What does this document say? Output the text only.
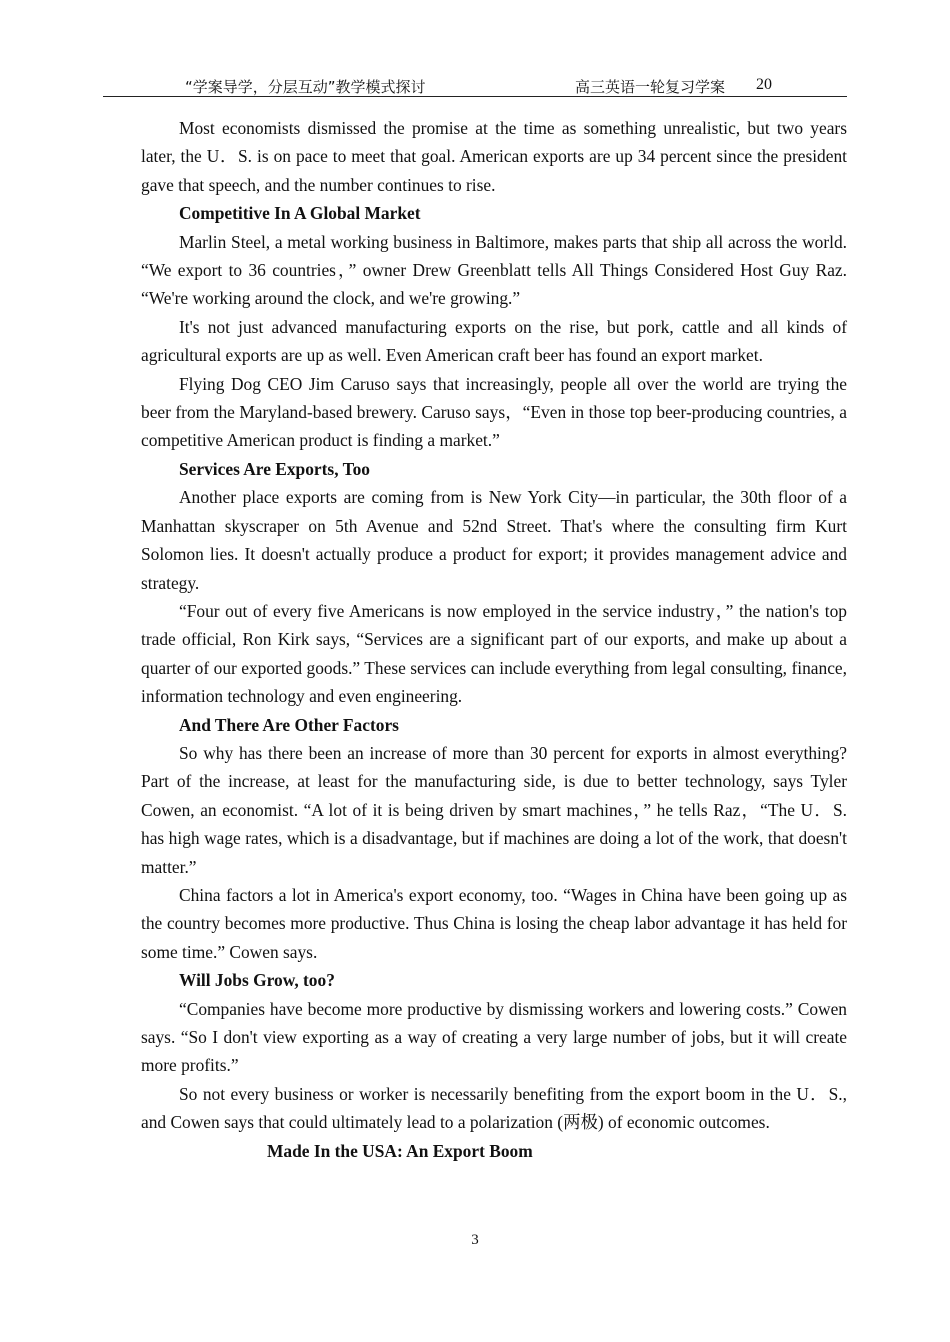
“学案导学，分层互动”教学模式探讨	高三英语一轮复习学案 20

Most economists dismissed the promise at the time as something unrealistic, but two years later, the U．S. is on pace to meet that goal. American exports are up 34 percent since the president gave that speech, and the number continues to rise.

Competitive In A Global Market

Marlin Steel, a metal working business in Baltimore, makes parts that ship all across the world. “We export to 36 countries，” owner Drew Greenblatt tells All Things Considered Host Guy Raz. “We're working around the clock, and we're growing.”

It's not just advanced manufacturing exports on the rise, but pork, cattle and all kinds of agricultural exports are up as well. Even American craft beer has found an export market.

Flying Dog CEO Jim Caruso says that increasingly, people all over the world are trying the beer from the Maryland-based brewery. Caruso says，“Even in those top beer-producing countries, a competitive American product is finding a market.”

Services Are Exports, Too

Another place exports are coming from is New York City—in particular, the 30th floor of a Manhattan skyscraper on 5th Avenue and 52nd Street. That's where the consulting firm Kurt Solomon lies. It doesn't actually produce a product for export; it provides management advice and strategy.

“Four out of every five Americans is now employed in the service industry，” the nation's top trade official, Ron Kirk says, “Services are a significant part of our exports, and make up about a quarter of our exported goods.” These services can include everything from legal consulting, finance, information technology and even engineering.

And There Are Other Factors

So why has there been an increase of more than 30 percent for exports in almost everything? Part of the increase, at least for the manufacturing side, is due to better technology, says Tyler Cowen, an economist. “A lot of it is being driven by smart machines，” he tells Raz，“The U．S. has high wage rates, which is a disadvantage, but if machines are doing a lot of the work, that doesn't matter.”

China factors a lot in America's export economy, too. “Wages in China have been going up as the country becomes more productive. Thus China is losing the cheap labor advantage it has held for some time.” Cowen says.

Will Jobs Grow, too?

“Companies have become more productive by dismissing workers and lowering costs.” Cowen says. “So I don't view exporting as a way of creating a very large number of jobs, but it will create more profits.”

So not every business or worker is necessarily benefiting from the export boom in the U．S., and Cowen says that could ultimately lead to a polarization (两极) of economic outcomes.

Made In the USA: An Export Boom

3
